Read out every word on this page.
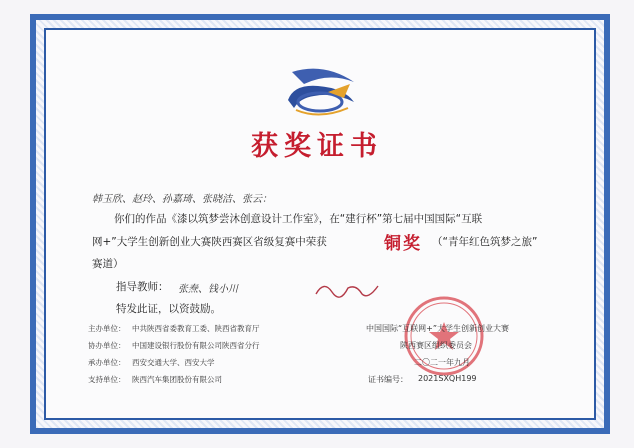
获奖证书
韩玉欣、赵玲、孙嘉琦、张晓洁、张云：
你们的作品《漆以筑梦尝沐创意设计工作室》，在“建行杯”第七届中国国际“互联
网+”大学生创新创业大赛陕西赛区省级复赛中荣获	铜奖 （“青年红色筑梦之旅”
赛道）
指导教师： 张焘、钱小川
特发此证，以资鼓励。
主办单位： 中共陕西省委教育工委、陕西省教育厅
协办单位： 中国建设银行股份有限公司陕西省分行
承办单位： 西安交通大学、西安大学
支持单位： 陕西汽车集团股份有限公司
中国国际“互联网+”大学生创新创业大赛
陕西赛区组织委员会
二〇二一年九月
证书编号： 2021SXQH199
